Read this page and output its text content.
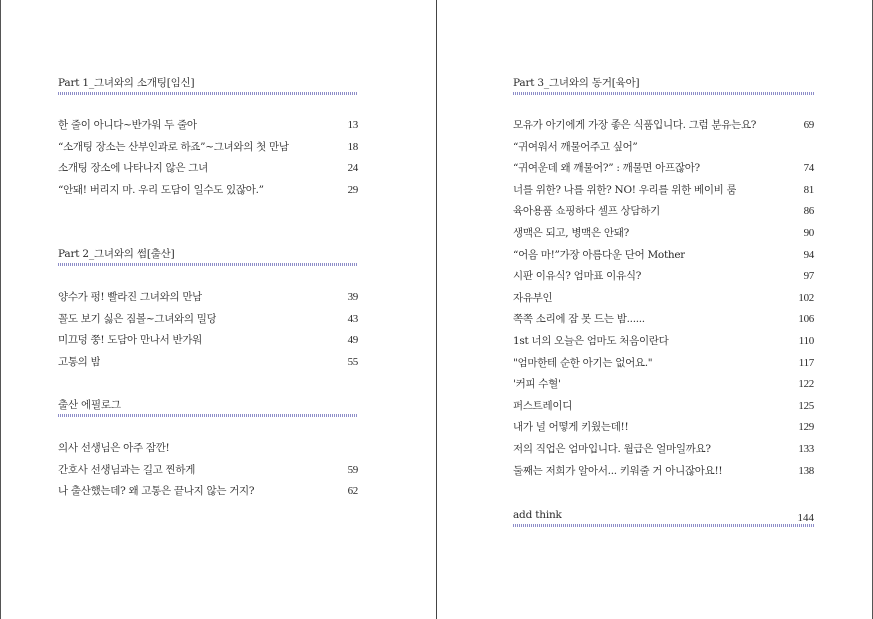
Part 1_그녀와의 소개팅[임신]
한 줄이 아니다~반가워 두 줄아	13
“소개팅 장소는 산부인과로 하죠”~그녀와의 첫 만남	18
소개팅 장소에 나타나지 않은 그녀	24
“안돼! 버리지 마. 우리 도담이 일수도 있잖아.”	29
Part 2_그녀와의 썸[출산]
양수가 펑! 빨라진 그녀와의 만남	39
꼴도 보기 싫은 짐볼~그녀와의 밀당	43
미끄덩 쭝! 도담아 만나서 반가워	49
고통의 밤	55
출산 에필로그
의사 선생님은 아주 잠깐!
간호사 선생님과는 길고 찐하게	59
나 출산했는데? 왜 고통은 끝나지 않는 거지?	62
Part 3_그녀와의 동거[육아]
모유가 아기에게 가장 좋은 식품입니다. 그럼 분유는요?	69
“귀여워서 깨물어주고 싶어”
“귀여운데 왜 깨물어?” : 깨물면 아프잖아?	74
너를 위한? 나를 위한? NO! 우리를 위한 베이비 룸	81
육아용품 쇼핑하다 셀프 상담하기	86
생맥은 되고, 병맥은 안돼?	90
“어음 마!”가장 아름다운 단어 Mother	94
시판 이유식? 엄마표 이유식?	97
자유부인	102
쪽쪽 소리에 잠 못 드는 밤......	106
1st 너의 오늘은 엄마도 처음이란다	110
"엄마한테 순한 아기는 없어요."	117
'커피 수혈'	122
퍼스트레이디	125
내가 널 어떻게 키웠는데!!	129
저의 직업은 엄마입니다. 월급은 얼마일까요?	133
둘째는 저희가 알아서... 키워줄 거 아니잖아요!!	138
add think	144
